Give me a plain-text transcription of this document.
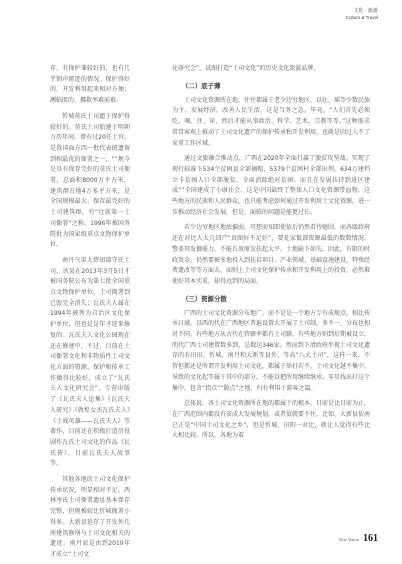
文化 · 旅游
Culture & Travel

存，有保护兼较好的，也有几乎销声匿迹的情况。保护得好的，开发利用起来相对方便；濒临匿的，挪救率难前难。

忻城莫氏土司遗于保护得较好的。莫氏土司始建于明朝万历年间，曾有过20任土官，是我国面方四一批代表统遗留到相最优的衙署之一，“”规今是具有保存完好的莫氏土司衙署，总面积8000万平方米，建筑群占地4万多平方米，是全国规模最大、保存最完好的土司建筑群，有“壮族第一土司衙署”之称。1996年被国务院批为国家级重点文物保护单位。

南丹气渠大碧团部守氏土司，该县在2013年3月5日才被国务院公布为第七批全国重点文物保护单位，土司衙署到已毁完全消失；瓦氏夫人属在1994年被列为自治区文化保护单位，但也是是年才迎来修复的。瓦氏夫人文化公园现在还在修建中，不过，目前在土司衙署文化和非物质性土司文化方面的资源、保护和传承工作做得比较好，成立了“瓦氏夫人文化研究会”，专营出版了《瓦氏夫人论集》《瓦氏夫人研究》《敦煌女杰瓦氏夫人》《土战英雄——瓦氏夫人》等著作，目前还在积极打造历役剧作瓦氏土司文化的作品《瓦氏传》。目前瓦氏夫人故事等。

其他各地的土司文化保护传承状况，明显相对不足。西林岑氏土司衙署遗址基本保存完整，但规模较比忻城衙署小得多。大新县延存了开发外几座建筑修缮与土司文化相关的遗迹。南丹县是由到2019年才成立“土司文

化研究会”，试图打造“土司文化”的历史文化旅游品牌。

（二）底子薄

土司文化资源所在地，往往都属于老少边穷地区，以壮、瑶等少数民族为主。发展经济，改善人民生活，这是当务之急。毕竟，“人们首先必须吃、喝、住、穿，然后才能从事政治、科学、艺术、宗教等等。”这种需求常常客观上推动了土司文化遗产的保护传承和开发利用，也就是因过人不了家重工作区域。

通过文旅融合推动点，广西在2020年全面打赢了脱贫攻坚战。实现了现行标准下534个贫困县全部摘帽，5379个贫困村全部出列，634万建档立卡贫困人口全部脱贫，全面消除绝对贫困。而且在发展扶持到进区建成“”全国建成了小康社会。这是中国最终了整体人口文化资源带血物。这些地方的民族和人民群众，也只能考虑如何通过开发利用土文化资源，进一步推动经济社会发展，但是，面临的问题是能更过长。

若少边穷地区地底偏弱，可想而知即使依后仍然看待她围，而各级政府还在对比人太几回产“真图好不足好”，要花家低部资源最低的数数情况，警盖其发掘能力，不能长效原发扶起大平。土地缺下如失。因此，有限的时政资金，仍然要被多地投入到扶贫项目、产业领域，基础设施建设，特殊经费遗改等等方面去，而则上土司文化保护传承和开发利用上的投资，必然难使好其本实重，却得远到的局面。

（三）资源分散

广西的土司文化资源分布地广，而不是是一个地方专有成规点，相比传承日域，以西的代在广西地区普遍设置大开展了土司制，多不一，分布也相对不同。有些地方从古代在管辖率都有土司辖，有些地方则到后期被设立。明代广西土司建置数多到，总数达346家。然而到下清政府坐视土司文化遗存的有田田、忻城、南丹和大新等县外，等高“八大土司”，这样一来，不管但都还是所谓开发利用土司文化，都属于举打若不，土司文化越不集中，导致的文化起等属于其中的部分，不能以把所用继续继承。零星找出打这个集中，包含“指点”“散点”之地，归有利用于游客之篇。

总体说，各土司文化资源所在地的都属于的根本，目前是比目前为止，在广西范围内都没有省成大发展规划，或者值就要不住。比如，大新县依南已正是“中国土司文化之乡”，但是忻城、田阳一对比，就让人觉得有些比大相比较。所以，各地为着

New Vision 161
